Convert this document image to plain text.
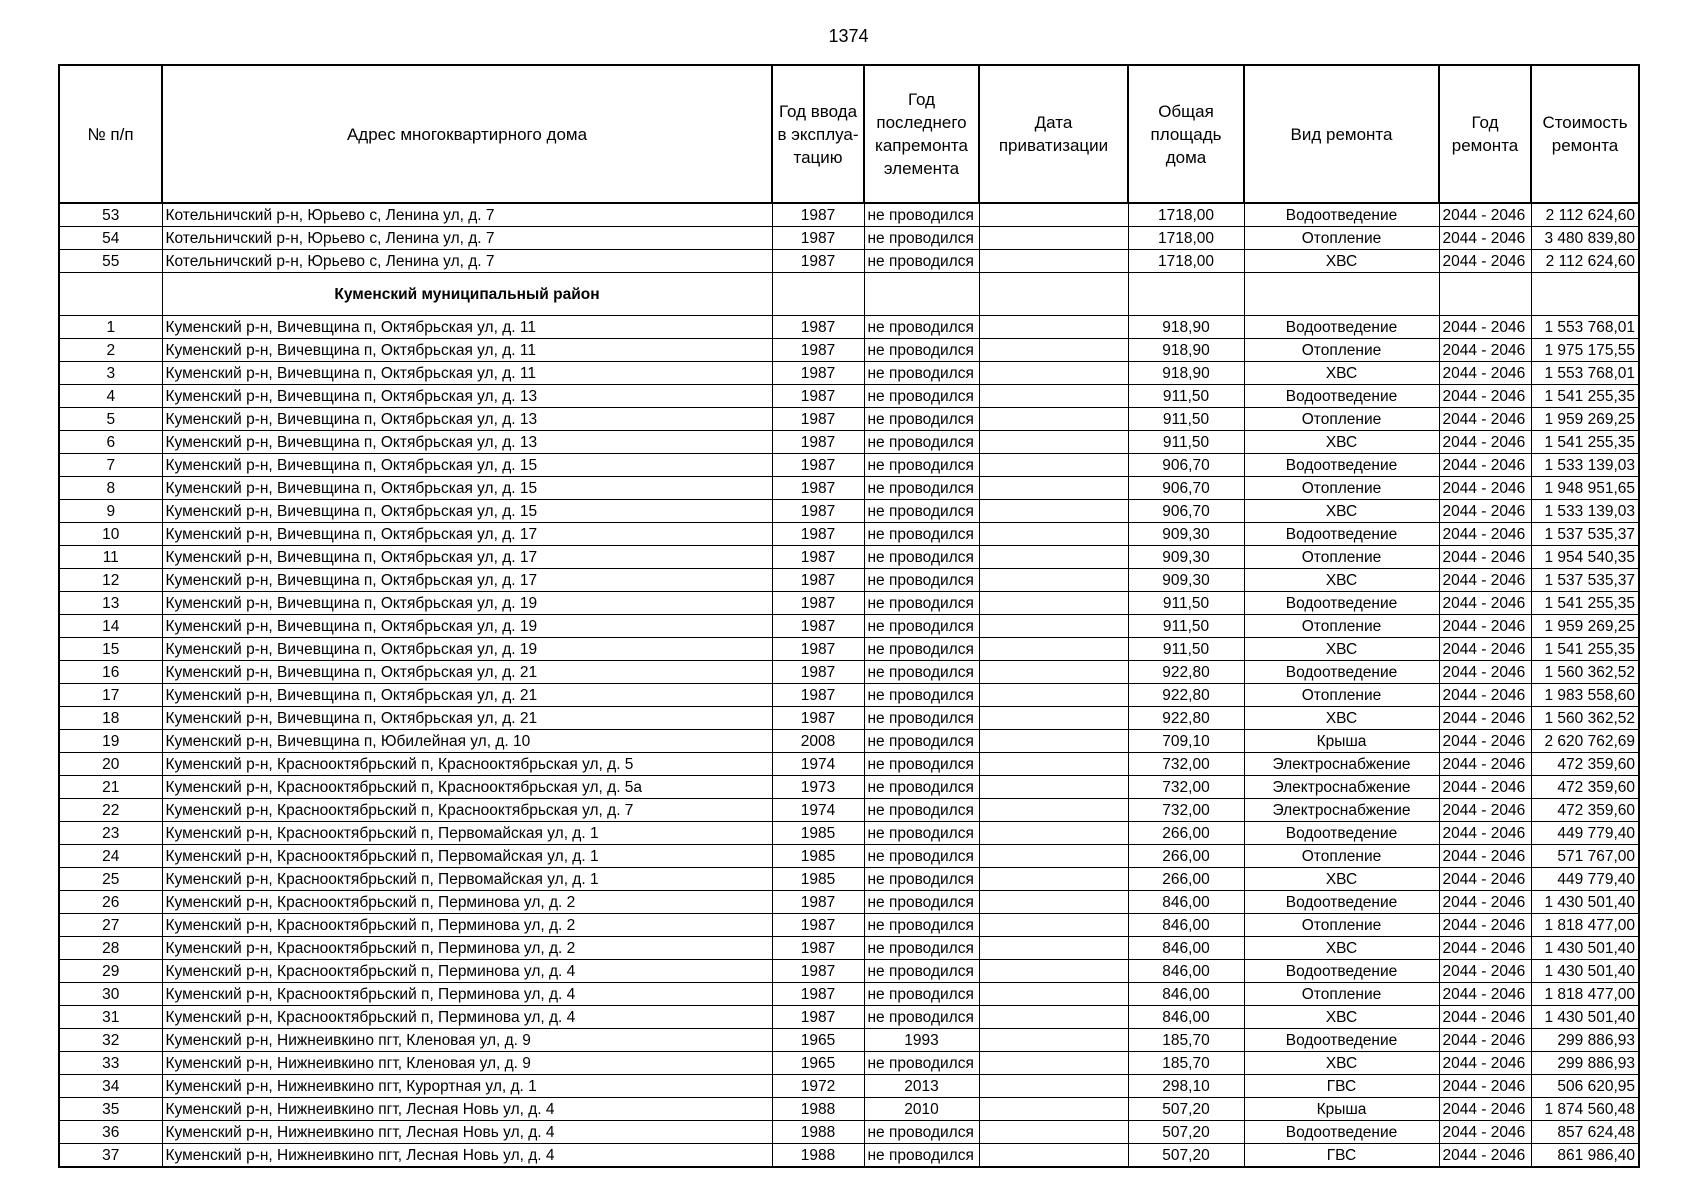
1374
№ п/п	Адрес многоквартирного дома	Год ввода в эксплуа-тацию	Год последнего капремонта элемента	Дата приватизации	Общая площадь дома	Вид ремонта	Год ремонта	Стоимость ремонта
53	Котельничский р-н, Юрьево с, Ленина ул, д. 7	1987	не проводился		1718,00	Водоотведение	2044 - 2046	2 112 624,60
54	Котельничский р-н, Юрьево с, Ленина ул, д. 7	1987	не проводился		1718,00	Отопление	2044 - 2046	3 480 839,80
55	Котельничский р-н, Юрьево с, Ленина ул, д. 7	1987	не проводился		1718,00	ХВС	2044 - 2046	2 112 624,60
	Куменский муниципальный район							
1	Куменский р-н, Вичевщина п, Октябрьская ул, д. 11	1987	не проводился		918,90	Водоотведение	2044 - 2046	1 553 768,01
2	Куменский р-н, Вичевщина п, Октябрьская ул, д. 11	1987	не проводился		918,90	Отопление	2044 - 2046	1 975 175,55
3	Куменский р-н, Вичевщина п, Октябрьская ул, д. 11	1987	не проводился		918,90	ХВС	2044 - 2046	1 553 768,01
4	Куменский р-н, Вичевщина п, Октябрьская ул, д. 13	1987	не проводился		911,50	Водоотведение	2044 - 2046	1 541 255,35
5	Куменский р-н, Вичевщина п, Октябрьская ул, д. 13	1987	не проводился		911,50	Отопление	2044 - 2046	1 959 269,25
6	Куменский р-н, Вичевщина п, Октябрьская ул, д. 13	1987	не проводился		911,50	ХВС	2044 - 2046	1 541 255,35
7	Куменский р-н, Вичевщина п, Октябрьская ул, д. 15	1987	не проводился		906,70	Водоотведение	2044 - 2046	1 533 139,03
8	Куменский р-н, Вичевщина п, Октябрьская ул, д. 15	1987	не проводился		906,70	Отопление	2044 - 2046	1 948 951,65
9	Куменский р-н, Вичевщина п, Октябрьская ул, д. 15	1987	не проводился		906,70	ХВС	2044 - 2046	1 533 139,03
10	Куменский р-н, Вичевщина п, Октябрьская ул, д. 17	1987	не проводился		909,30	Водоотведение	2044 - 2046	1 537 535,37
11	Куменский р-н, Вичевщина п, Октябрьская ул, д. 17	1987	не проводился		909,30	Отопление	2044 - 2046	1 954 540,35
12	Куменский р-н, Вичевщина п, Октябрьская ул, д. 17	1987	не проводился		909,30	ХВС	2044 - 2046	1 537 535,37
13	Куменский р-н, Вичевщина п, Октябрьская ул, д. 19	1987	не проводился		911,50	Водоотведение	2044 - 2046	1 541 255,35
14	Куменский р-н, Вичевщина п, Октябрьская ул, д. 19	1987	не проводился		911,50	Отопление	2044 - 2046	1 959 269,25
15	Куменский р-н, Вичевщина п, Октябрьская ул, д. 19	1987	не проводился		911,50	ХВС	2044 - 2046	1 541 255,35
16	Куменский р-н, Вичевщина п, Октябрьская ул, д. 21	1987	не проводился		922,80	Водоотведение	2044 - 2046	1 560 362,52
17	Куменский р-н, Вичевщина п, Октябрьская ул, д. 21	1987	не проводился		922,80	Отопление	2044 - 2046	1 983 558,60
18	Куменский р-н, Вичевщина п, Октябрьская ул, д. 21	1987	не проводился		922,80	ХВС	2044 - 2046	1 560 362,52
19	Куменский р-н, Вичевщина п, Юбилейная ул, д. 10	2008	не проводился		709,10	Крыша	2044 - 2046	2 620 762,69
20	Куменский р-н, Краснооктябрьский п, Краснооктябрьская ул, д. 5	1974	не проводился		732,00	Электроснабжение	2044 - 2046	472 359,60
21	Куменский р-н, Краснооктябрьский п, Краснооктябрьская ул, д. 5а	1973	не проводился		732,00	Электроснабжение	2044 - 2046	472 359,60
22	Куменский р-н, Краснооктябрьский п, Краснооктябрьская ул, д. 7	1974	не проводился		732,00	Электроснабжение	2044 - 2046	472 359,60
23	Куменский р-н, Краснооктябрьский п, Первомайская ул, д. 1	1985	не проводился		266,00	Водоотведение	2044 - 2046	449 779,40
24	Куменский р-н, Краснооктябрьский п, Первомайская ул, д. 1	1985	не проводился		266,00	Отопление	2044 - 2046	571 767,00
25	Куменский р-н, Краснооктябрьский п, Первомайская ул, д. 1	1985	не проводился		266,00	ХВС	2044 - 2046	449 779,40
26	Куменский р-н, Краснооктябрьский п, Перминова ул, д. 2	1987	не проводился		846,00	Водоотведение	2044 - 2046	1 430 501,40
27	Куменский р-н, Краснооктябрьский п, Перминова ул, д. 2	1987	не проводился		846,00	Отопление	2044 - 2046	1 818 477,00
28	Куменский р-н, Краснооктябрьский п, Перминова ул, д. 2	1987	не проводился		846,00	ХВС	2044 - 2046	1 430 501,40
29	Куменский р-н, Краснооктябрьский п, Перминова ул, д. 4	1987	не проводился		846,00	Водоотведение	2044 - 2046	1 430 501,40
30	Куменский р-н, Краснооктябрьский п, Перминова ул, д. 4	1987	не проводился		846,00	Отопление	2044 - 2046	1 818 477,00
31	Куменский р-н, Краснооктябрьский п, Перминова ул, д. 4	1987	не проводился		846,00	ХВС	2044 - 2046	1 430 501,40
32	Куменский р-н, Нижнеивкино пгт, Кленовая ул, д. 9	1965	1993		185,70	Водоотведение	2044 - 2046	299 886,93
33	Куменский р-н, Нижнеивкино пгт, Кленовая ул, д. 9	1965	не проводился		185,70	ХВС	2044 - 2046	299 886,93
34	Куменский р-н, Нижнеивкино пгт, Курортная ул, д. 1	1972	2013		298,10	ГВС	2044 - 2046	506 620,95
35	Куменский р-н, Нижнеивкино пгт, Лесная Новь ул, д. 4	1988	2010		507,20	Крыша	2044 - 2046	1 874 560,48
36	Куменский р-н, Нижнеивкино пгт, Лесная Новь ул, д. 4	1988	не проводился		507,20	Водоотведение	2044 - 2046	857 624,48
37	Куменский р-н, Нижнеивкино пгт, Лесная Новь ул, д. 4	1988	не проводился		507,20	ГВС	2044 - 2046	861 986,40
